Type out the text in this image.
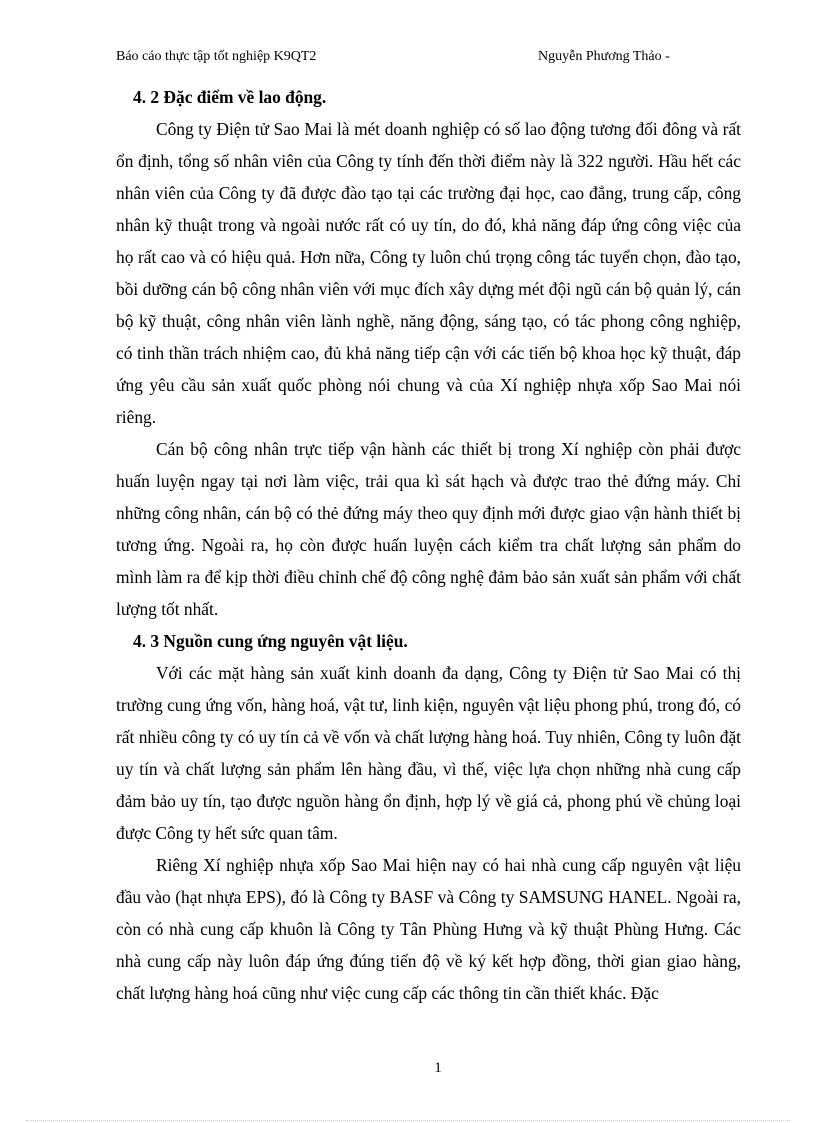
Báo cáo thực tập tốt nghiệp K9QT2	Nguyễn Phương Thảo -

4. 2 Đặc điểm về lao động.

Công ty Điện tử Sao Mai là mét doanh nghiệp có số lao động tương đối đông và rất ổn định, tổng số nhân viên của Công ty tính đến thời điểm này là 322 người. Hầu hết các nhân viên của Công ty đã được đào tạo tại các trường đại học, cao đẳng, trung cấp, công nhân kỹ thuật trong và ngoài nước rất có uy tín, do đó, khả năng đáp ứng công việc của họ rất cao và có hiệu quả. Hơn nữa, Công ty luôn chú trọng công tác tuyển chọn, đào tạo, bồi dưỡng cán bộ công nhân viên với mục đích xây dựng mét đội ngũ cán bộ quản lý, cán bộ kỹ thuật, công nhân viên lành nghề, năng động, sáng tạo, có tác phong công nghiệp, có tinh thần trách nhiệm cao, đủ khả năng tiếp cận với các tiến bộ khoa học kỹ thuật, đáp ứng yêu cầu sản xuất quốc phòng nói chung và của Xí nghiệp nhựa xốp Sao Mai nói riêng.

Cán bộ công nhân trực tiếp vận hành các thiết bị trong Xí nghiệp còn phải được huấn luyện ngay tại nơi làm việc, trải qua kì sát hạch và được trao thẻ đứng máy. Chỉ những công nhân, cán bộ có thẻ đứng máy theo quy định mới được giao vận hành thiết bị tương ứng. Ngoài ra, họ còn được huấn luyện cách kiểm tra chất lượng sản phẩm do mình làm ra để kịp thời điều chỉnh chế độ công nghệ đảm bảo sản xuất sản phẩm với chất lượng tốt nhất.

4. 3 Nguồn cung ứng nguyên vật liệu.

Với các mặt hàng sản xuất kinh doanh đa dạng, Công ty Điện tử Sao Mai có thị trường cung ứng vốn, hàng hoá, vật tư, linh kiện, nguyên vật liệu phong phú, trong đó, có rất nhiều công ty có uy tín cả về vốn và chất lượng hàng hoá. Tuy nhiên, Công ty luôn đặt uy tín và chất lượng sản phẩm lên hàng đầu, vì thế, việc lựa chọn những nhà cung cấp đảm bảo uy tín, tạo được nguồn hàng ổn định, hợp lý về giá cả, phong phú về chủng loại được Công ty hết sức quan tâm.

Riêng Xí nghiệp nhựa xốp Sao Mai hiện nay có hai nhà cung cấp nguyên vật liệu đầu vào (hạt nhựa EPS), đó là Công ty BASF và Công ty SAMSUNG HANEL. Ngoài ra, còn có nhà cung cấp khuôn là Công ty Tân Phùng Hưng và kỹ thuật Phùng Hưng. Các nhà cung cấp này luôn đáp ứng đúng tiến độ về ký kết hợp đồng, thời gian giao hàng, chất lượng hàng hoá cũng như việc cung cấp các thông tin cần thiết khác. Đặc

1
